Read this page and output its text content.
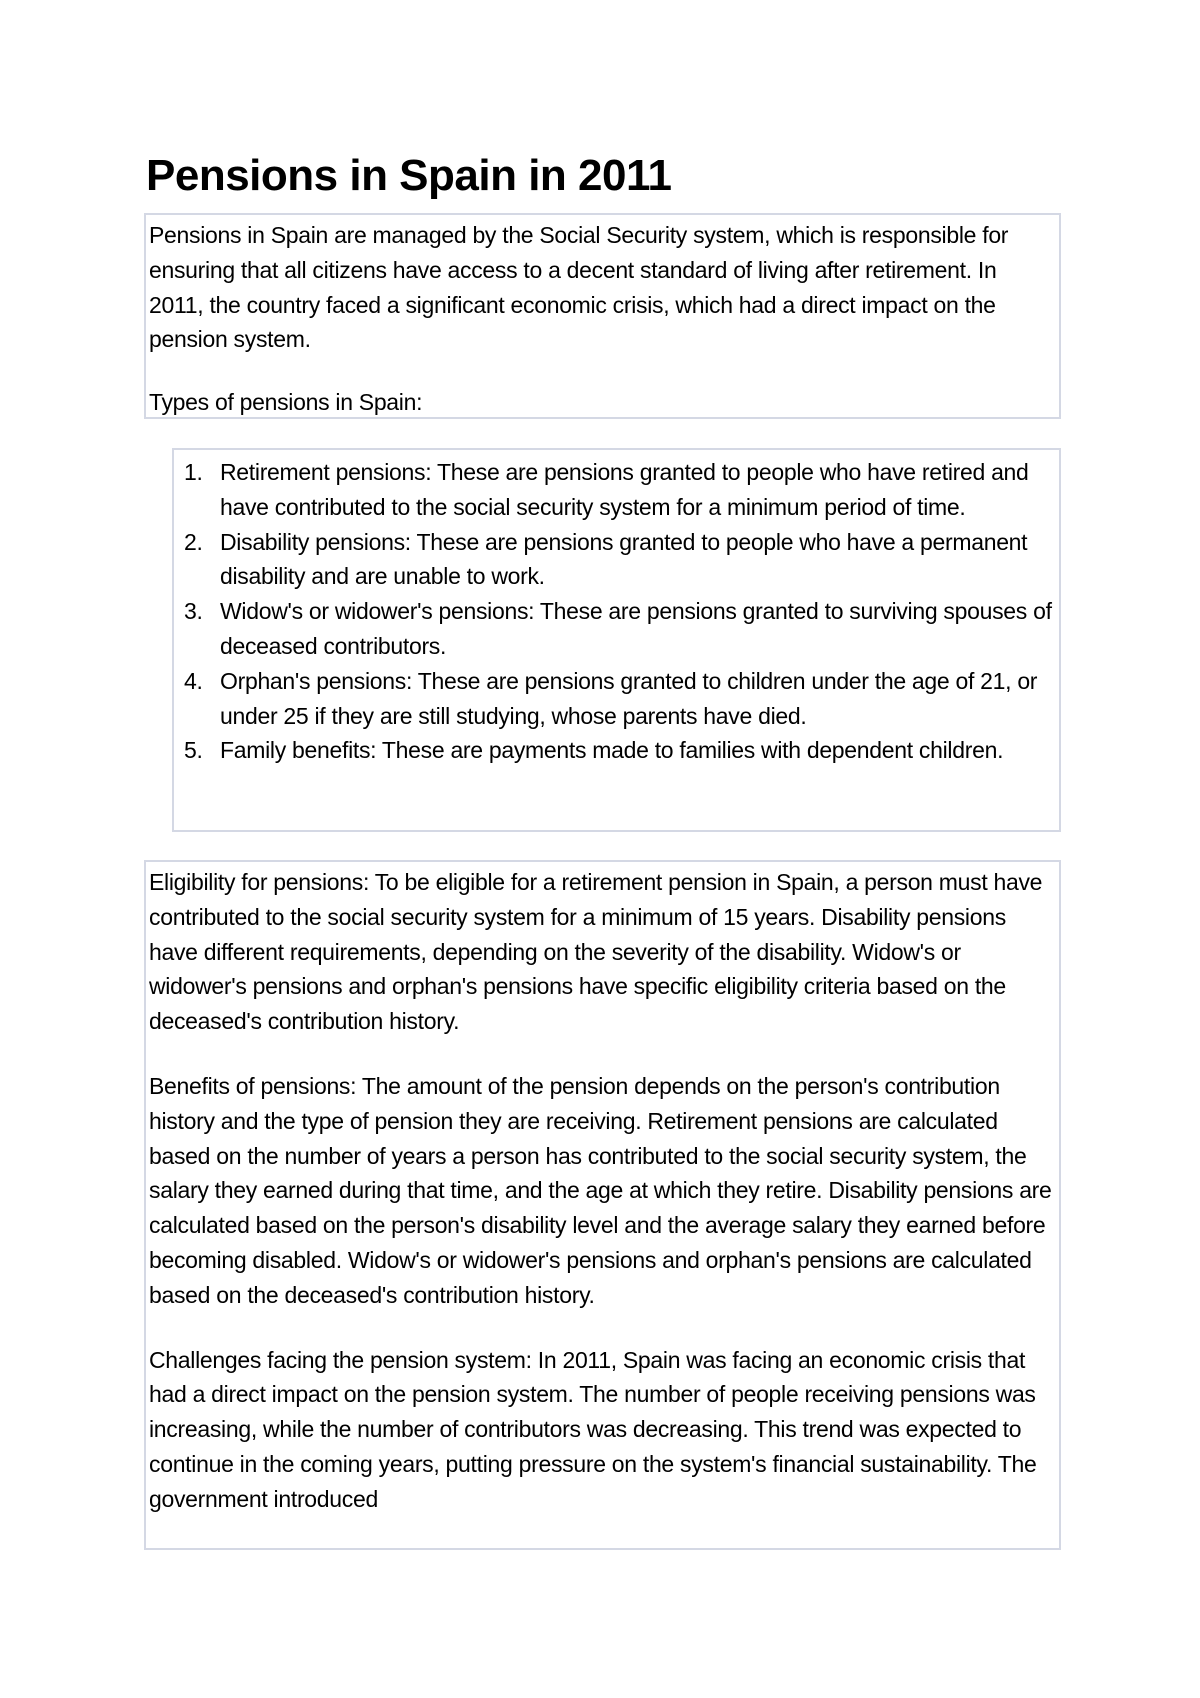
Pensions in Spain in 2011

Pensions in Spain are managed by the Social Security system, which is responsible for ensuring that all citizens have access to a decent standard of living after retirement. In 2011, the country faced a significant economic crisis, which had a direct impact on the pension system.

Types of pensions in Spain:

1. Retirement pensions: These are pensions granted to people who have retired and have contributed to the social security system for a minimum period of time.
2. Disability pensions: These are pensions granted to people who have a permanent disability and are unable to work.
3. Widow's or widower's pensions: These are pensions granted to surviving spouses of deceased contributors.
4. Orphan's pensions: These are pensions granted to children under the age of 21, or under 25 if they are still studying, whose parents have died.
5. Family benefits: These are payments made to families with dependent children.

Eligibility for pensions: To be eligible for a retirement pension in Spain, a person must have contributed to the social security system for a minimum of 15 years. Disability pensions have different requirements, depending on the severity of the disability. Widow's or widower's pensions and orphan's pensions have specific eligibility criteria based on the deceased's contribution history.

Benefits of pensions: The amount of the pension depends on the person's contribution history and the type of pension they are receiving. Retirement pensions are calculated based on the number of years a person has contributed to the social security system, the salary they earned during that time, and the age at which they retire. Disability pensions are calculated based on the person's disability level and the average salary they earned before becoming disabled. Widow's or widower's pensions and orphan's pensions are calculated based on the deceased's contribution history.

Challenges facing the pension system: In 2011, Spain was facing an economic crisis that had a direct impact on the pension system. The number of people receiving pensions was increasing, while the number of contributors was decreasing. This trend was expected to continue in the coming years, putting pressure on the system's financial sustainability. The government introduced
